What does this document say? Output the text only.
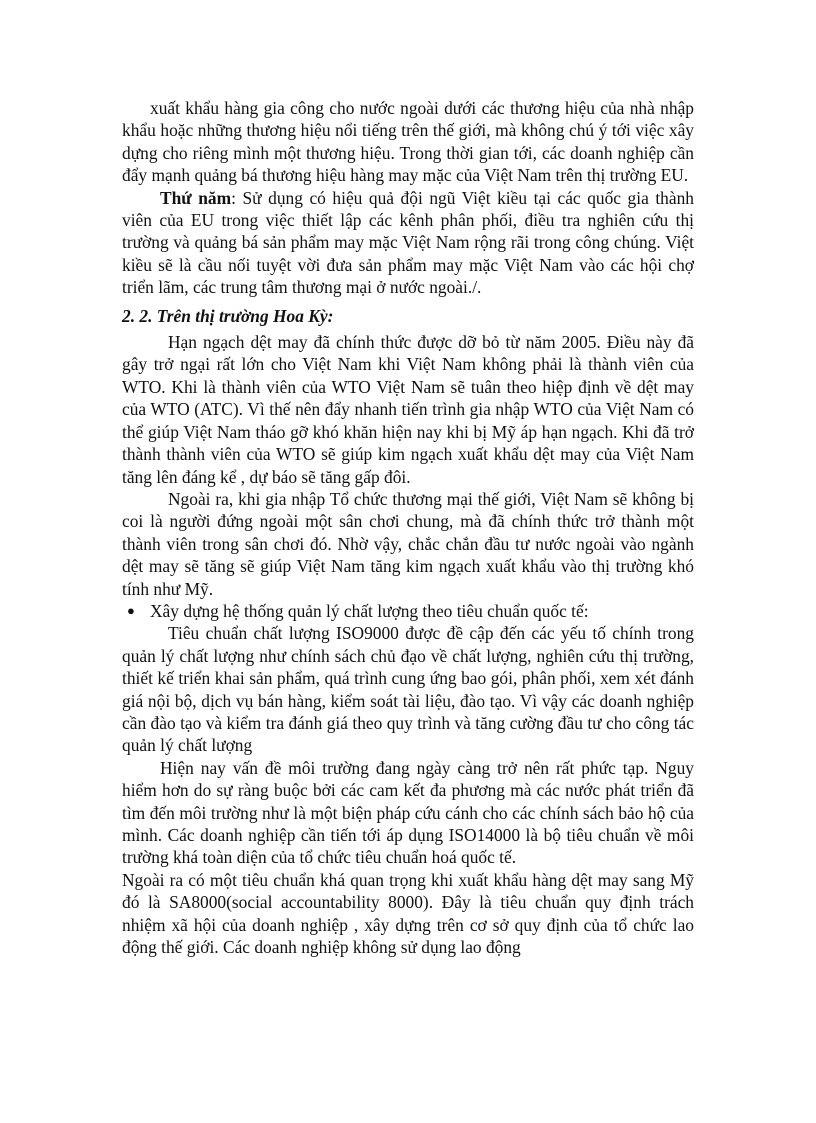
xuất khẩu hàng gia công cho nước ngoài dưới các thương hiệu của nhà nhập khẩu hoặc những thương hiệu nổi tiếng trên thế giới, mà không chú ý tới việc xây dựng cho riêng mình một thương hiệu. Trong thời gian tới, các doanh nghiệp cần đẩy mạnh quảng bá thương hiệu hàng may mặc của Việt Nam trên thị trường EU.

Thứ năm: Sử dụng có hiệu quả đội ngũ Việt kiều tại các quốc gia thành viên của EU trong việc thiết lập các kênh phân phối, điều tra nghiên cứu thị trường và quảng bá sản phẩm may mặc Việt Nam rộng rãi trong công chúng. Việt kiều sẽ là cầu nối tuyệt vời đưa sản phẩm may mặc Việt Nam vào các hội chợ triển lãm, các trung tâm thương mại ở nước ngoài./.

2. 2. Trên thị trường Hoa Kỳ:

Hạn ngạch dệt may đã chính thức được dỡ bỏ từ năm 2005. Điều này đã gây trở ngại rất lớn cho Việt Nam khi Việt Nam không phải là thành viên của WTO. Khi là thành viên của WTO Việt Nam sẽ tuân theo hiệp định về dệt may của WTO (ATC). Vì thế nên đẩy nhanh tiến trình gia nhập WTO của Việt Nam có thể giúp Việt Nam tháo gỡ khó khăn hiện nay khi bị Mỹ áp hạn ngạch. Khi đã trở thành thành viên của WTO sẽ giúp kim ngạch xuất khẩu dệt may của Việt Nam tăng lên đáng kể , dự báo sẽ tăng gấp đôi.

Ngoài ra, khi gia nhập Tổ chức thương mại thế giới, Việt Nam sẽ không bị coi là người đứng ngoài một sân chơi chung, mà đã chính thức trở thành một thành viên trong sân chơi đó. Nhờ vậy, chắc chắn đầu tư nước ngoài vào ngành dệt may sẽ tăng sẽ giúp Việt Nam tăng kim ngạch xuất khẩu vào thị trường khó tính như Mỹ.

● Xây dựng hệ thống quản lý chất lượng theo tiêu chuẩn quốc tế:

Tiêu chuẩn chất lượng ISO9000 được đề cập đến các yếu tố chính trong quản lý chất lượng như chính sách chủ đạo về chất lượng, nghiên cứu thị trường, thiết kế triển khai sản phẩm, quá trình cung ứng bao gói, phân phối, xem xét đánh giá nội bộ, dịch vụ bán hàng, kiểm soát tài liệu, đào tạo. Vì vậy các doanh nghiệp cần đào tạo và kiểm tra đánh giá theo quy trình và tăng cường đầu tư cho công tác quản lý chất lượng

Hiện nay vấn đề môi trường đang ngày càng trở nên rất phức tạp. Nguy hiểm hơn do sự ràng buộc bởi các cam kết đa phương mà các nước phát triển đã tìm đến môi trường như là một biện pháp cứu cánh cho các chính sách bảo hộ của mình. Các doanh nghiệp cần tiến tới áp dụng ISO14000 là bộ tiêu chuẩn về môi trường khá toàn diện của tổ chức tiêu chuẩn hoá quốc tế.

Ngoài ra có một tiêu chuẩn khá quan trọng khi xuất khẩu hàng dệt may sang Mỹ đó là SA8000(social accountability 8000). Đây là tiêu chuẩn quy định trách nhiệm xã hội của doanh nghiệp , xây dựng trên cơ sở quy định của tổ chức lao động thế giới. Các doanh nghiệp không sử dụng lao động
